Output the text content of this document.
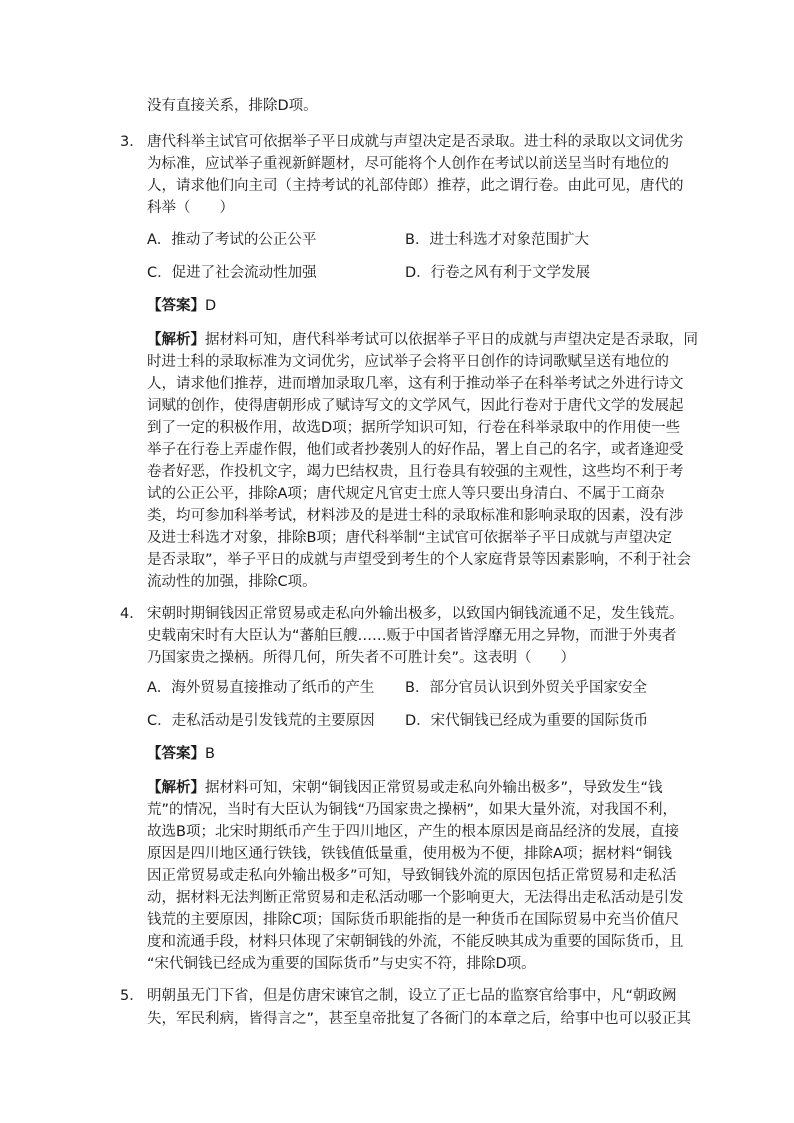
没有直接关系，排除D项。
3． 唐代科举主试官可依据举子平日成就与声望决定是否录取。进士科的录取以文词优劣
为标准，应试举子重视新鲜题材，尽可能将个人创作在考试以前送呈当时有地位的
人，请求他们向主司（主持考试的礼部侍郎）推荐，此之谓行卷。由此可见，唐代的
科举（　　）
A．推动了考试的公正公平	B．进士科选才对象范围扩大
C．促进了社会流动性加强	D．行卷之风有利于文学发展
【答案】D
【解析】据材料可知，唐代科举考试可以依据举子平日的成就与声望决定是否录取，同
时进士科的录取标准为文词优劣，应试举子会将平日创作的诗词歌赋呈送有地位的
人，请求他们推荐，进而增加录取几率，这有利于推动举子在科举考试之外进行诗文
词赋的创作，使得唐朝形成了赋诗写文的文学风气，因此行卷对于唐代文学的发展起
到了一定的积极作用，故选D项；据所学知识可知，行卷在科举录取中的作用使一些
举子在行卷上弄虚作假，他们或者抄袭别人的好作品，署上自己的名字，或者逢迎受
卷者好恶，作投机文字，竭力巴结权贵，且行卷具有较强的主观性，这些均不利于考
试的公正公平，排除A项；唐代规定凡官吏士庶人等只要出身清白、不属于工商杂
类，均可参加科举考试，材料涉及的是进士科的录取标准和影响录取的因素，没有涉
及进士科选才对象，排除B项；唐代科举制“主试官可依据举子平日成就与声望决定
是否录取”，举子平日的成就与声望受到考生的个人家庭背景等因素影响，不利于社会
流动性的加强，排除C项。
4． 宋朝时期铜钱因正常贸易或走私向外输出极多，以致国内铜钱流通不足，发生钱荒。
史载南宋时有大臣认为“蕃舶巨艘……贩于中国者皆浮靡无用之异物，而泄于外夷者
乃国家贵之操柄。所得几何，所失者不可胜计矣”。这表明（　　）
A．海外贸易直接推动了纸币的产生 B．部分官员认识到外贸关乎国家安全
C．走私活动是引发钱荒的主要原因 D．宋代铜钱已经成为重要的国际货币
【答案】B
【解析】据材料可知，宋朝“铜钱因正常贸易或走私向外输出极多”，导致发生“钱
荒”的情况，当时有大臣认为铜钱“乃国家贵之操柄”，如果大量外流，对我国不利，
故选B项；北宋时期纸币产生于四川地区，产生的根本原因是商品经济的发展，直接
原因是四川地区通行铁钱，铁钱值低量重，使用极为不便，排除A项；据材料“铜钱
因正常贸易或走私向外输出极多”可知，导致铜钱外流的原因包括正常贸易和走私活
动，据材料无法判断正常贸易和走私活动哪一个影响更大，无法得出走私活动是引发
钱荒的主要原因，排除C项；国际货币职能指的是一种货币在国际贸易中充当价值尺
度和流通手段，材料只体现了宋朝铜钱的外流，不能反映其成为重要的国际货币，且
“宋代铜钱已经成为重要的国际货币”与史实不符，排除D项。
5． 明朝虽无门下省，但是仿唐宋谏官之制，设立了正七品的监察官给事中，凡“朝政阙
失，军民利病，皆得言之”，甚至皇帝批复了各衙门的本章之后，给事中也可以驳正其
